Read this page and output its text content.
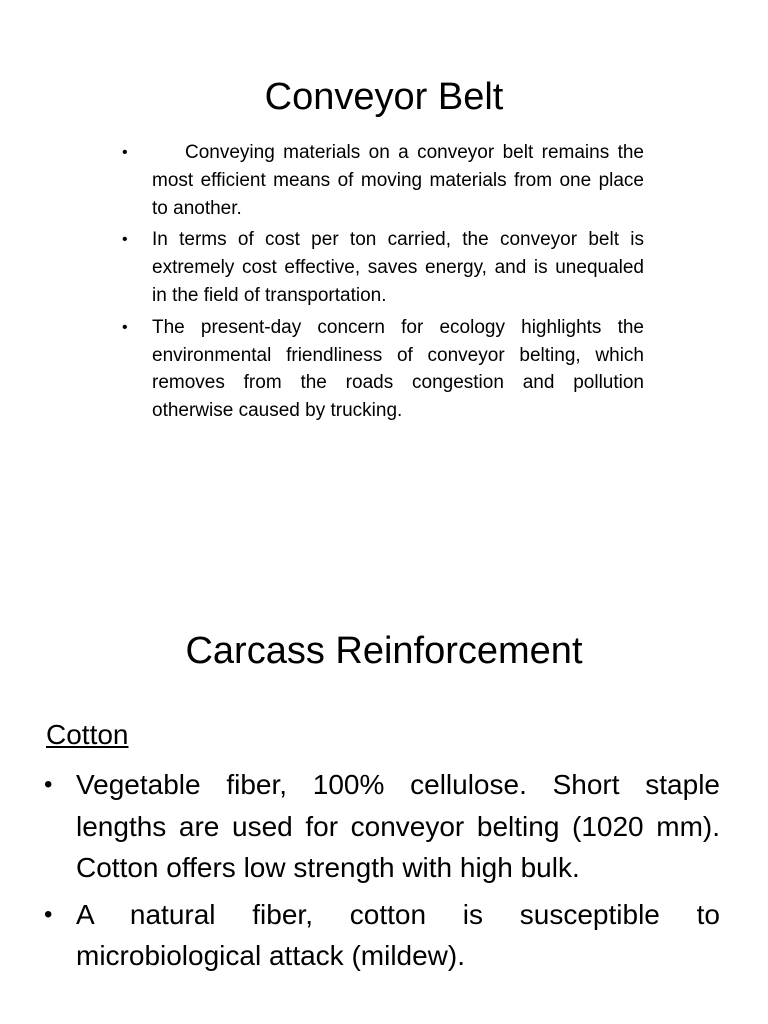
Conveyor Belt
•	Conveying materials on a conveyor belt remains the most efficient means of moving materials from one place to another.
• In terms of cost per ton carried, the conveyor belt is extremely cost effective, saves energy, and is unequaled in the field of transportation.
• The present-day concern for ecology highlights the environmental friendliness of conveyor belting, which removes from the roads congestion and pollution otherwise caused by trucking.
Carcass Reinforcement
Cotton
• Vegetable fiber, 100% cellulose. Short staple lengths are used for conveyor belting (1020 mm). Cotton offers low strength with high bulk.
• A natural fiber, cotton is susceptible to microbiological attack (mildew).
